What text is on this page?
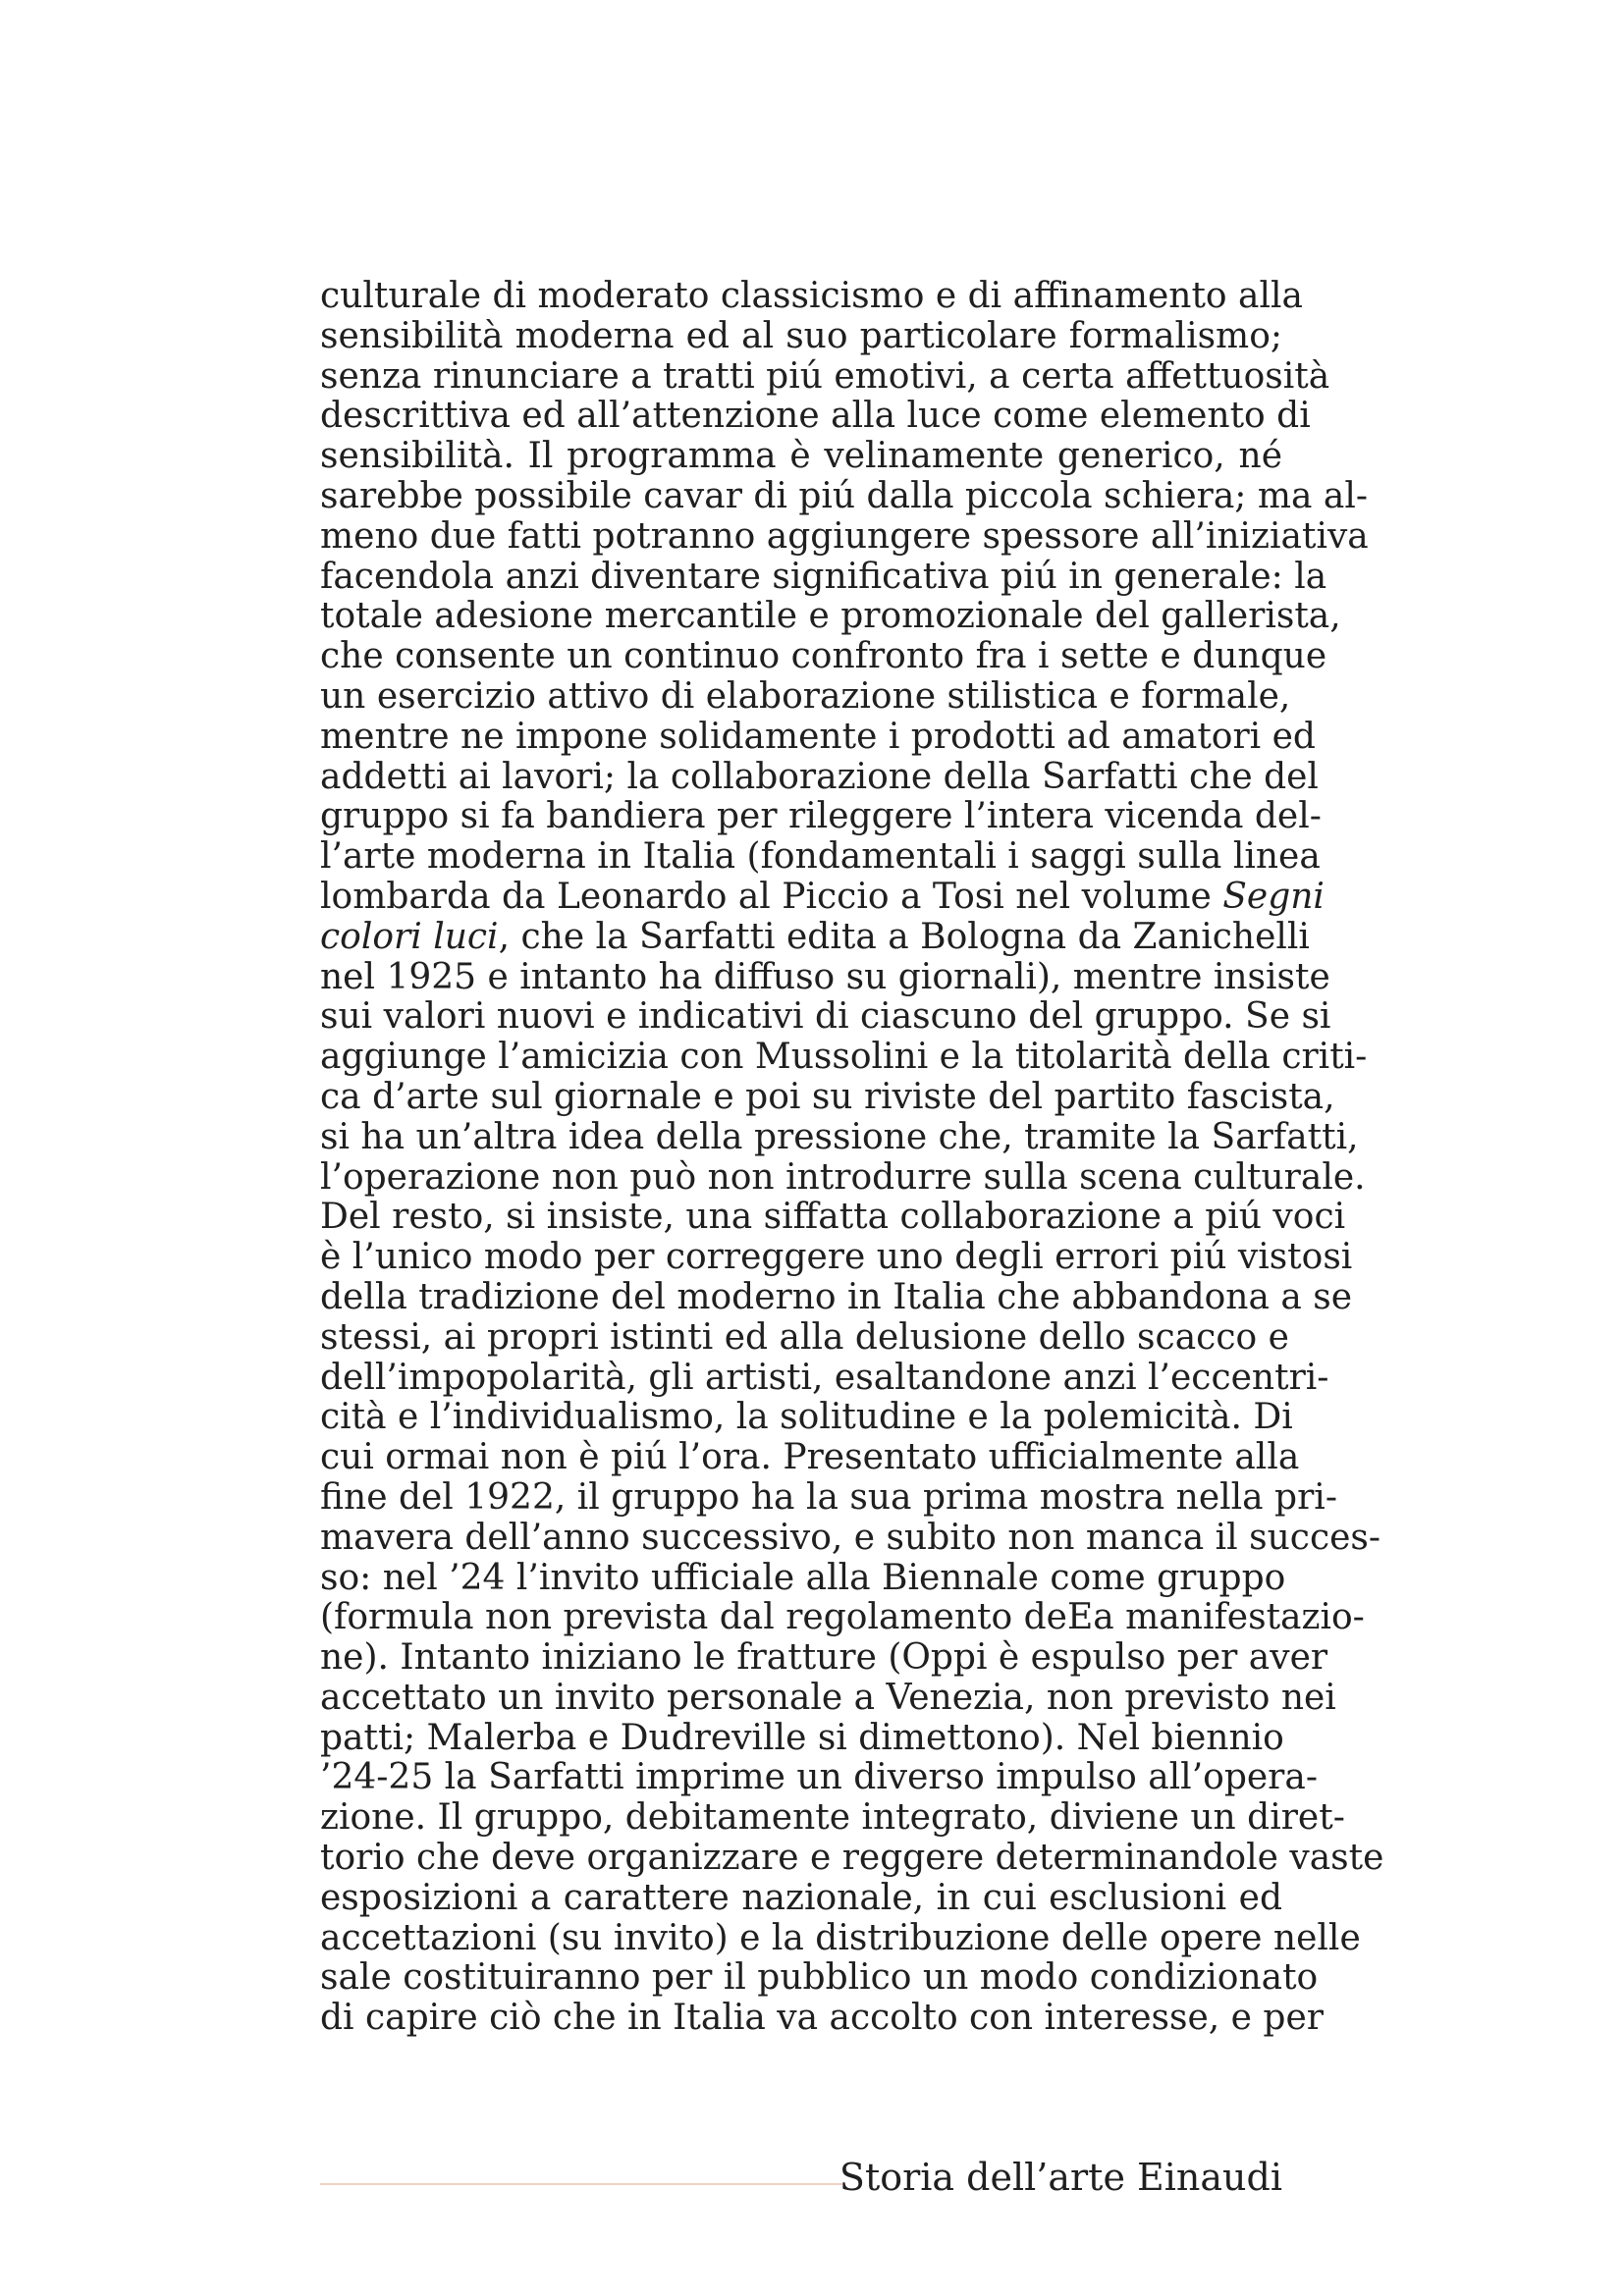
culturale di moderato classicismo e di affinamento alla
sensibilità moderna ed al suo particolare formalismo;
senza rinunciare a tratti piú emotivi, a certa affettuosità
descrittiva ed all’attenzione alla luce come elemento di
sensibilità. Il programma è velinamente generico, né
sarebbe possibile cavar di piú dalla piccola schiera; ma al-
meno due fatti potranno aggiungere spessore all’iniziativa
facendola anzi diventare significativa piú in generale: la
totale adesione mercantile e promozionale del gallerista,
che consente un continuo confronto fra i sette e dunque
un esercizio attivo di elaborazione stilistica e formale,
mentre ne impone solidamente i prodotti ad amatori ed
addetti ai lavori; la collaborazione della Sarfatti che del
gruppo si fa bandiera per rileggere l’intera vicenda del-
l’arte moderna in Italia (fondamentali i saggi sulla linea
lombarda da Leonardo al Piccio a Tosi nel volume Segni
colori luci, che la Sarfatti edita a Bologna da Zanichelli
nel 1925 e intanto ha diffuso su giornali), mentre insiste
sui valori nuovi e indicativi di ciascuno del gruppo. Se si
aggiunge l’amicizia con Mussolini e la titolarità della criti-
ca d’arte sul giornale e poi su riviste del partito fascista,
si ha un’altra idea della pressione che, tramite la Sarfatti,
l’operazione non può non introdurre sulla scena culturale.
Del resto, si insiste, una siffatta collaborazione a piú voci
è l’unico modo per correggere uno degli errori piú vistosi
della tradizione del moderno in Italia che abbandona a se
stessi, ai propri istinti ed alla delusione dello scacco e
dell’impopolarità, gli artisti, esaltandone anzi l’eccentri-
cità e l’individualismo, la solitudine e la polemicità. Di
cui ormai non è piú l’ora. Presentato ufficialmente alla
fine del 1922, il gruppo ha la sua prima mostra nella pri-
mavera dell’anno successivo, e subito non manca il succes-
so: nel ’24 l’invito ufficiale alla Biennale come gruppo
(formula non prevista dal regolamento deEa manifestazio-
ne). Intanto iniziano le fratture (Oppi è espulso per aver
accettato un invito personale a Venezia, non previsto nei
patti; Malerba e Dudreville si dimettono). Nel biennio
’24-25 la Sarfatti imprime un diverso impulso all’opera-
zione. Il gruppo, debitamente integrato, diviene un diret-
torio che deve organizzare e reggere determinandole vaste
esposizioni a carattere nazionale, in cui esclusioni ed
accettazioni (su invito) e la distribuzione delle opere nelle
sale costituiranno per il pubblico un modo condizionato
di capire ciò che in Italia va accolto con interesse, e per
Storia dell’arte Einaudi
